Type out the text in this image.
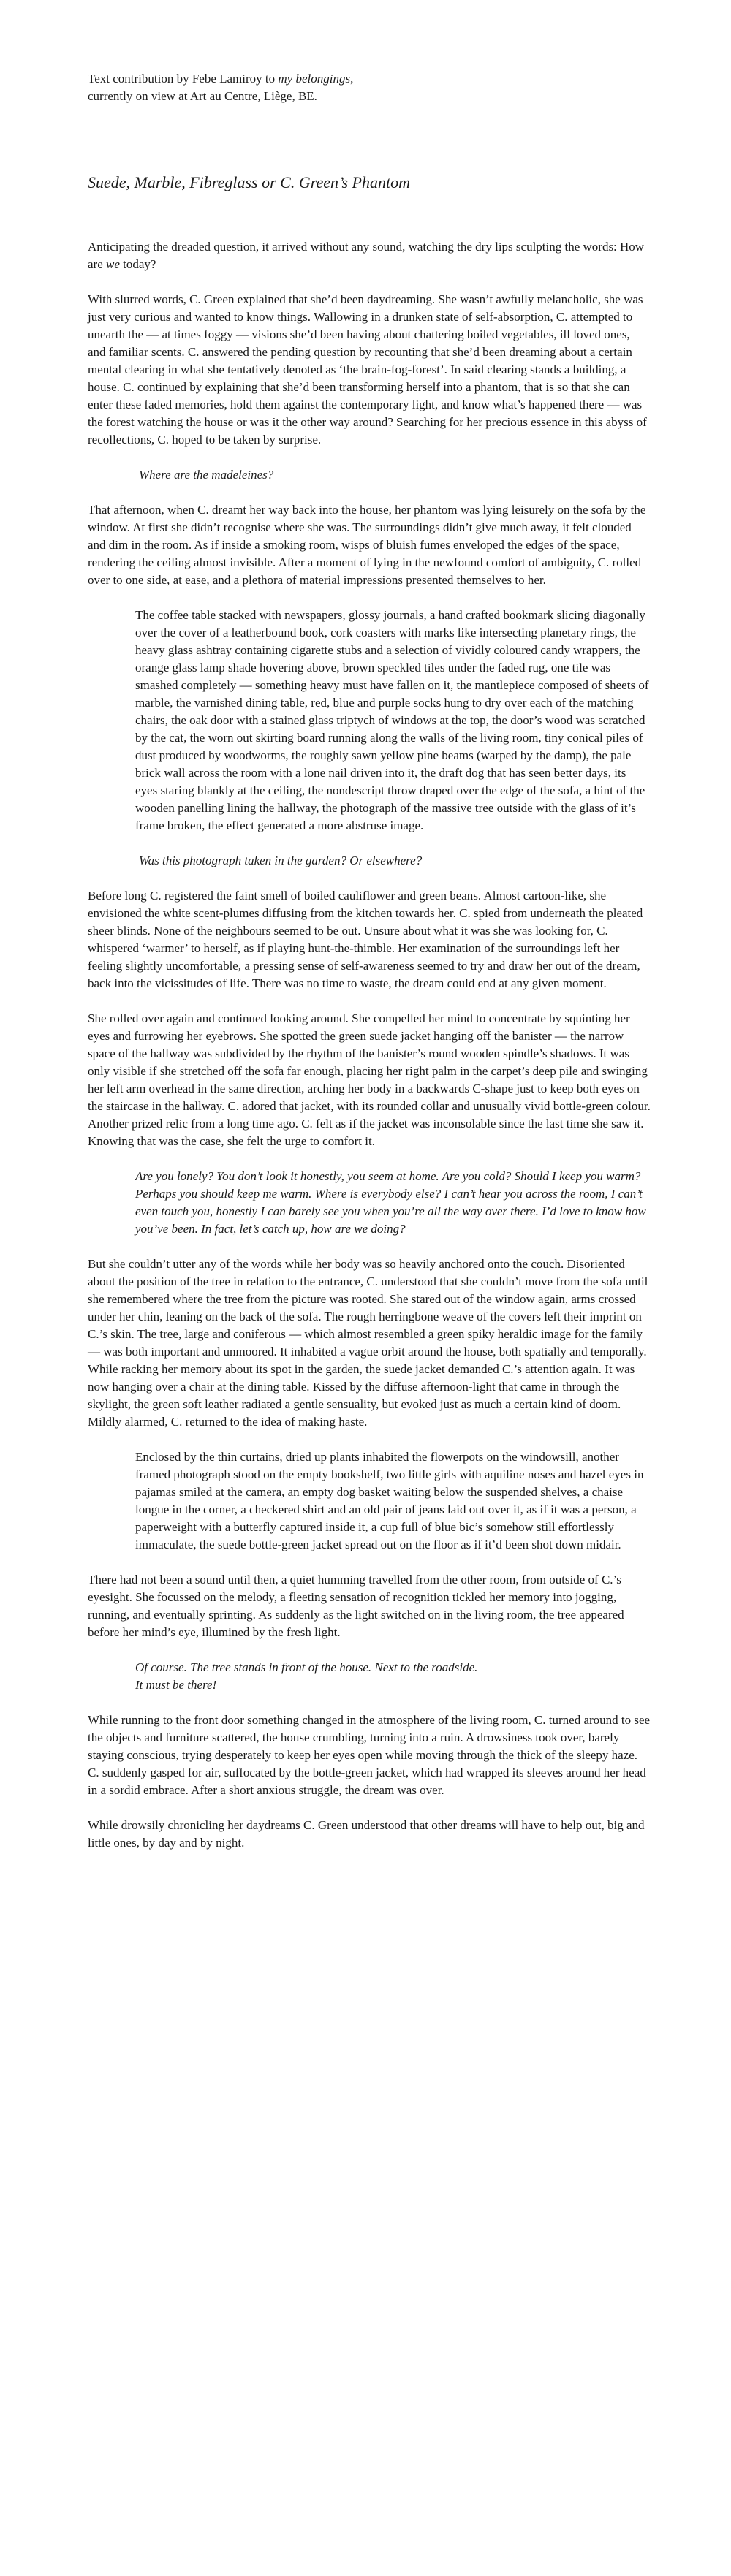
Text contribution by Febe Lamiroy to my belongings,
currently on view at Art au Centre, Liège, BE.

Suede, Marble, Fibreglass or C. Green’s Phantom

Anticipating the dreaded question, it arrived without any sound, watching the dry lips sculpting the words: How are we today?

With slurred words, C. Green explained that she’d been daydreaming. She wasn’t awfully melancholic, she was just very curious and wanted to know things. Wallowing in a drunken state of self-absorption, C. attempted to unearth the — at times foggy — visions she’d been having about chattering boiled vegetables, ill loved ones, and familiar scents. C. answered the pending question by recounting that she’d been dreaming about a certain mental clearing in what she tentatively denoted as ‘the brain-fog-forest’. In said clearing stands a building, a house. C. continued by explaining that she’d been transforming herself into a phantom, that is so that she can enter these faded memories, hold them against the contemporary light, and know what’s happened there — was the forest watching the house or was it the other way around? Searching for her precious essence in this abyss of recollections, C. hoped to be taken by surprise.

Where are the madeleines?

That afternoon, when C. dreamt her way back into the house, her phantom was lying leisurely on the sofa by the window. At first she didn’t recognise where she was. The surroundings didn’t give much away, it felt clouded and dim in the room. As if inside a smoking room, wisps of bluish fumes enveloped the edges of the space, rendering the ceiling almost invisible. After a moment of lying in the newfound comfort of ambiguity, C. rolled over to one side, at ease, and a plethora of material impressions presented themselves to her.

The coffee table stacked with newspapers, glossy journals, a hand crafted bookmark slicing diagonally over the cover of a leatherbound book, cork coasters with marks like intersecting planetary rings, the heavy glass ashtray containing cigarette stubs and a selection of vividly coloured candy wrappers, the orange glass lamp shade hovering above, brown speckled tiles under the faded rug, one tile was smashed completely — something heavy must have fallen on it, the mantlepiece composed of sheets of marble, the varnished dining table, red, blue and purple socks hung to dry over each of the matching chairs, the oak door with a stained glass triptych of windows at the top, the door’s wood was scratched by the cat, the worn out skirting board running along the walls of the living room, tiny conical piles of dust produced by woodworms, the roughly sawn yellow pine beams (warped by the damp), the pale brick wall across the room with a lone nail driven into it, the draft dog that has seen better days, its eyes staring blankly at the ceiling, the nondescript throw draped over the edge of the sofa, a hint of the wooden panelling lining the hallway, the photograph of the massive tree outside with the glass of it’s frame broken, the effect generated a more abstruse image.

Was this photograph taken in the garden? Or elsewhere?

Before long C. registered the faint smell of boiled cauliflower and green beans. Almost cartoon-like, she envisioned the white scent-plumes diffusing from the kitchen towards her. C. spied from underneath the pleated sheer blinds. None of the neighbours seemed to be out. Unsure about what it was she was looking for, C. whispered ‘warmer’ to herself, as if playing hunt-the-thimble. Her examination of the surroundings left her feeling slightly uncomfortable, a pressing sense of self-awareness seemed to try and draw her out of the dream, back into the vicissitudes of life. There was no time to waste, the dream could end at any given moment.

She rolled over again and continued looking around. She compelled her mind to concentrate by squinting her eyes and furrowing her eyebrows. She spotted the green suede jacket hanging off the banister — the narrow space of the hallway was subdivided by the rhythm of the banister’s round wooden spindle’s shadows. It was only visible if she stretched off the sofa far enough, placing her right palm in the carpet’s deep pile and swinging her left arm overhead in the same direction, arching her body in a backwards C-shape just to keep both eyes on the staircase in the hallway. C. adored that jacket, with its rounded collar and unusually vivid bottle-green colour. Another prized relic from a long time ago. C. felt as if the jacket was inconsolable since the last time she saw it. Knowing that was the case, she felt the urge to comfort it.

Are you lonely? You don’t look it honestly, you seem at home. Are you cold? Should I keep you warm? Perhaps you should keep me warm. Where is everybody else? I can’t hear you across the room, I can’t even touch you, honestly I can barely see you when you’re all the way over there. I’d love to know how you’ve been. In fact, let’s catch up, how are we doing?

But she couldn’t utter any of the words while her body was so heavily anchored onto the couch. Disoriented about the position of the tree in relation to the entrance, C. understood that she couldn’t move from the sofa until she remembered where the tree from the picture was rooted. She stared out of the window again, arms crossed under her chin, leaning on the back of the sofa. The rough herringbone weave of the covers left their imprint on C.’s skin. The tree, large and coniferous — which almost resembled a green spiky heraldic image for the family — was both important and unmoored. It inhabited a vague orbit around the house, both spatially and temporally. While racking her memory about its spot in the garden, the suede jacket demanded C.’s attention again. It was now hanging over a chair at the dining table. Kissed by the diffuse afternoon-light that came in through the skylight, the green soft leather radiated a gentle sensuality, but evoked just as much a certain kind of doom. Mildly alarmed, C. returned to the idea of making haste.

Enclosed by the thin curtains, dried up plants inhabited the flowerpots on the windowsill, another framed photograph stood on the empty bookshelf, two little girls with aquiline noses and hazel eyes in pajamas smiled at the camera, an empty dog basket waiting below the suspended shelves, a chaise longue in the corner, a checkered shirt and an old pair of jeans laid out over it, as if it was a person, a paperweight with a butterfly captured inside it, a cup full of blue bic’s somehow still effortlessly immaculate, the suede bottle-green jacket spread out on the floor as if it’d been shot down midair.

There had not been a sound until then, a quiet humming travelled from the other room, from outside of C.’s eyesight. She focussed on the melody, a fleeting sensation of recognition tickled her memory into jogging, running, and eventually sprinting. As suddenly as the light switched on in the living room, the tree appeared before her mind’s eye, illumined by the fresh light.

Of course. The tree stands in front of the house. Next to the roadside.
It must be there!

While running to the front door something changed in the atmosphere of the living room, C. turned around to see the objects and furniture scattered, the house crumbling, turning into a ruin. A drowsiness took over, barely staying conscious, trying desperately to keep her eyes open while moving through the thick of the sleepy haze. C. suddenly gasped for air, suffocated by the bottle-green jacket, which had wrapped its sleeves around her head in a sordid embrace. After a short anxious struggle, the dream was over.

While drowsily chronicling her daydreams C. Green understood that other dreams will have to help out, big and little ones, by day and by night.
